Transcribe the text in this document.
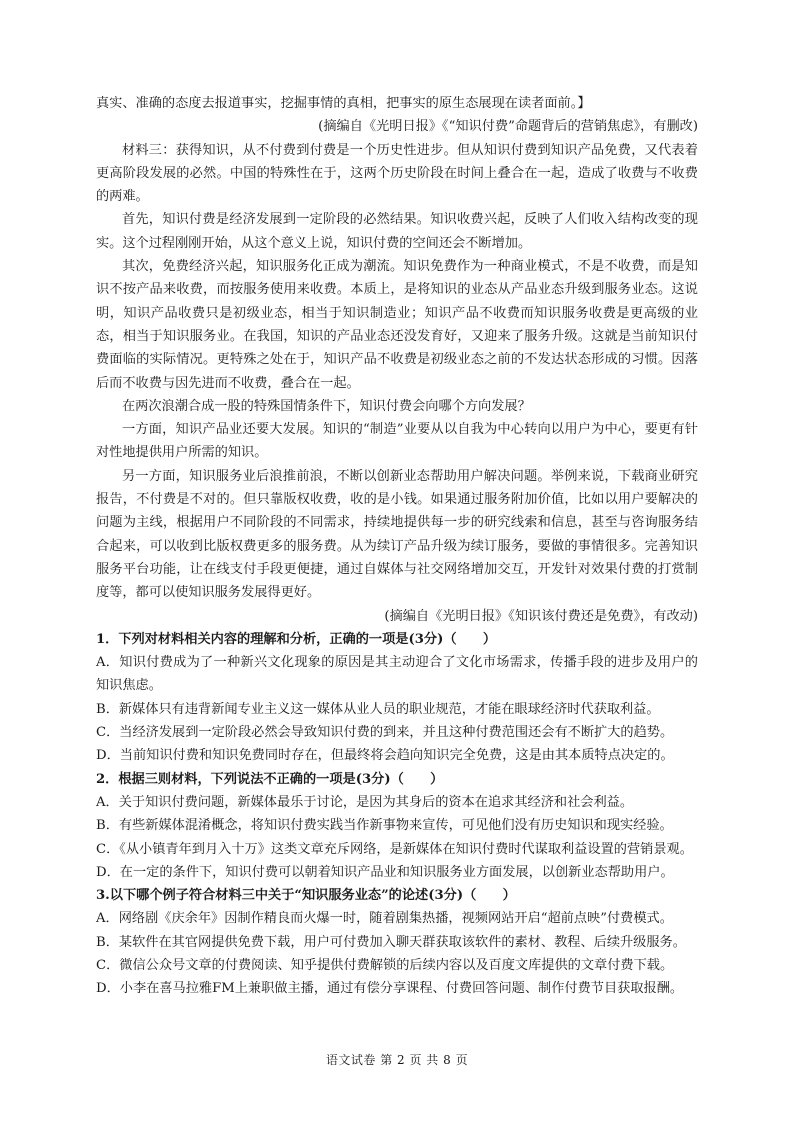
真实、准确的态度去报道事实，挖掘事情的真相，把事实的原生态展现在读者面前。】

(摘编自《光明日报》《“知识付费”命题背后的营销焦虑》，有删改)

材料三：获得知识，从不付费到付费是一个历史性进步。但从知识付费到知识产品免费，又代表着更高阶段发展的必然。中国的特殊性在于，这两个历史阶段在时间上叠合在一起，造成了收费与不收费的两难。

首先，知识付费是经济发展到一定阶段的必然结果。知识收费兴起，反映了人们收入结构改变的现实。这个过程刚刚开始，从这个意义上说，知识付费的空间还会不断增加。

其次，免费经济兴起，知识服务化正成为潮流。知识免费作为一种商业模式，不是不收费，而是知识不按产品来收费，而按服务使用来收费。本质上，是将知识的业态从产品业态升级到服务业态。这说明，知识产品收费只是初级业态，相当于知识制造业；知识产品不收费而知识服务收费是更高级的业态，相当于知识服务业。在我国，知识的产品业态还没发育好，又迎来了服务升级。这就是当前知识付费面临的实际情况。更特殊之处在于，知识产品不收费是初级业态之前的不发达状态形成的习惯。因落后而不收费与因先进而不收费，叠合在一起。

在两次浪潮合成一股的特殊国情条件下，知识付费会向哪个方向发展？

一方面，知识产品业还要大发展。知识的“制造”业要从以自我为中心转向以用户为中心，要更有针对性地提供用户所需的知识。

另一方面，知识服务业后浪推前浪，不断以创新业态帮助用户解决问题。举例来说，下载商业研究报告，不付费是不对的。但只靠版权收费，收的是小钱。如果通过服务附加价值，比如以用户要解决的问题为主线，根据用户不同阶段的不同需求，持续地提供每一步的研究线索和信息，甚至与咨询服务结合起来，可以收到比版权费更多的服务费。从为续订产品升级为续订服务，要做的事情很多。完善知识服务平台功能，让在线支付手段更便捷，通过自媒体与社交网络增加交互，开发针对效果付费的打赏制度等，都可以使知识服务发展得更好。

(摘编自《光明日报》《知识该付费还是免费》，有改动)

1．下列对材料相关内容的理解和分析，正确的一项是(3分)（　　）

A．知识付费成为了一种新兴文化现象的原因是其主动迎合了文化市场需求，传播手段的进步及用户的知识焦虑。

B．新媒体只有违背新闻专业主义这一媒体从业人员的职业规范，才能在眼球经济时代获取利益。

C．当经济发展到一定阶段必然会导致知识付费的到来，并且这种付费范围还会有不断扩大的趋势。

D．当前知识付费和知识免费同时存在，但最终将会趋向知识完全免费，这是由其本质特点决定的。

2．根据三则材料，下列说法不正确的一项是(3分)（　　）

A．关于知识付费问题，新媒体最乐于讨论，是因为其身后的资本在追求其经济和社会利益。

B．有些新媒体混淆概念，将知识付费实践当作新事物来宣传，可见他们没有历史知识和现实经验。

C．《从小镇青年到月入十万》这类文章充斥网络，是新媒体在知识付费时代谋取利益设置的营销景观。

D．在一定的条件下，知识付费可以朝着知识产品业和知识服务业方面发展，以创新业态帮助用户。

3.以下哪个例子符合材料三中关于“知识服务业态”的论述(3分)（　　）

A．网络剧《庆余年》因制作精良而火爆一时，随着剧集热播，视频网站开启“超前点映”付费模式。

B．某软件在其官网提供免费下载，用户可付费加入聊天群获取该软件的素材、教程、后续升级服务。

C．微信公众号文章的付费阅读、知乎提供付费解锁的后续内容以及百度文库提供的文章付费下载。

D．小李在喜马拉雅FM上兼职做主播，通过有偿分享课程、付费回答问题、制作付费节目获取报酬。

语文试卷 第 2 页 共 8 页
